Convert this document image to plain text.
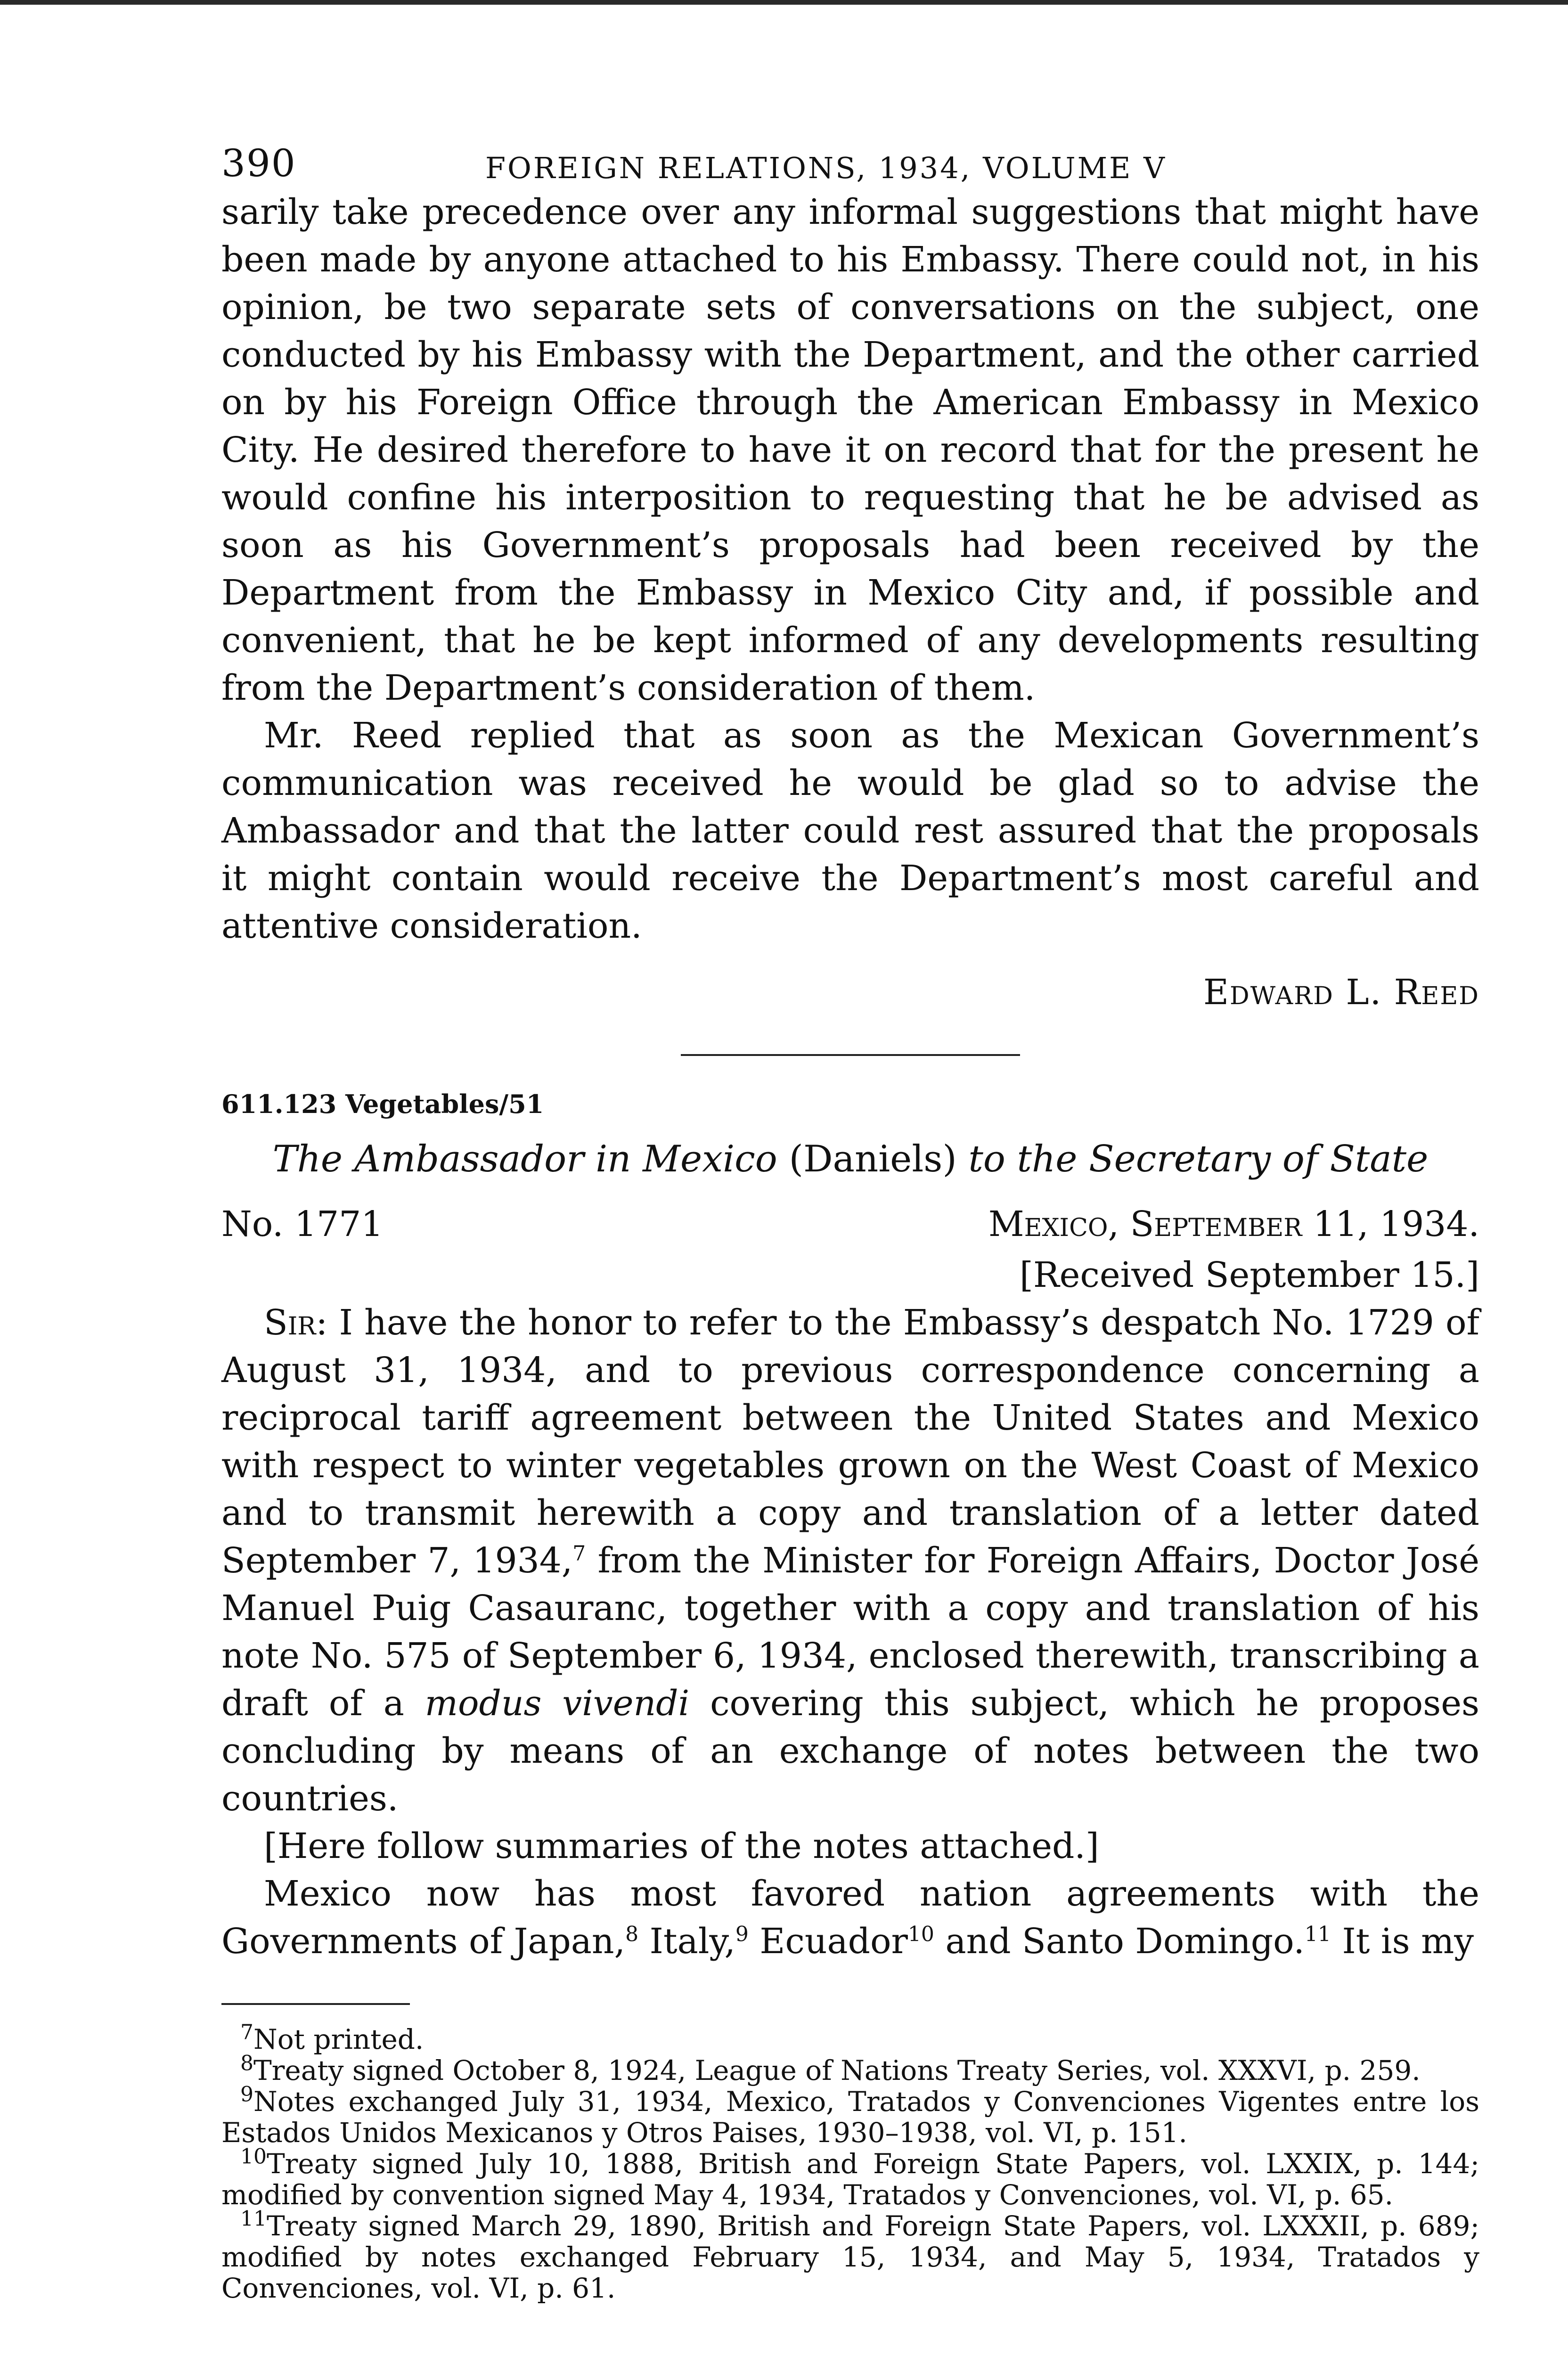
390	FOREIGN RELATIONS, 1934, VOLUME V

sarily take precedence over any informal suggestions that might have been made by anyone attached to his Embassy. There could not, in his opinion, be two separate sets of conversations on the subject, one conducted by his Embassy with the Department, and the other carried on by his Foreign Office through the American Embassy in Mexico City. He desired therefore to have it on record that for the present he would confine his interposition to requesting that he be advised as soon as his Government’s proposals had been received by the Department from the Embassy in Mexico City and, if possible and convenient, that he be kept informed of any developments resulting from the Department’s consideration of them.

Mr. Reed replied that as soon as the Mexican Government’s communication was received he would be glad so to advise the Ambassador and that the latter could rest assured that the proposals it might contain would receive the Department’s most careful and attentive consideration.

Edward L. Reed
611.123 Vegetables/51
The Ambassador in Mexico (Daniels) to the Secretary of State
No. 1771	Mexico, September 11, 1934.
[Received September 15.]

Sir: I have the honor to refer to the Embassy’s despatch No. 1729 of August 31, 1934, and to previous correspondence concerning a reciprocal tariff agreement between the United States and Mexico with respect to winter vegetables grown on the West Coast of Mexico and to transmit herewith a copy and translation of a letter dated September 7, 1934,$^7$ from the Minister for Foreign Affairs, Doctor José Manuel Puig Casauranc, together with a copy and translation of his note No. 575 of September 6, 1934, enclosed therewith, transcribing a draft of a modus vivendi covering this subject, which he proposes concluding by means of an exchange of notes between the two countries.

[Here follow summaries of the notes attached.]

Mexico now has most favored nation agreements with the Governments of Japan,$^8$ Italy,$^9$ Ecuador$^{10}$ and Santo Domingo.$^{11}$ It is my

$^7$Not printed.

$^8$Treaty signed October 8, 1924, League of Nations Treaty Series, vol. XXXVI, p. 259.

$^9$Notes exchanged July 31, 1934, Mexico, Tratados y Convenciones Vigentes entre los Estados Unidos Mexicanos y Otros Paises, 1930–1938, vol. VI, p. 151.

$^{10}$Treaty signed July 10, 1888, British and Foreign State Papers, vol. LXXIX, p. 144; modified by convention signed May 4, 1934, Tratados y Convenciones, vol. VI, p. 65.

$^{11}$Treaty signed March 29, 1890, British and Foreign State Papers, vol. LXXXII, p. 689; modified by notes exchanged February 15, 1934, and May 5, 1934, Tratados y Convenciones, vol. VI, p. 61.
